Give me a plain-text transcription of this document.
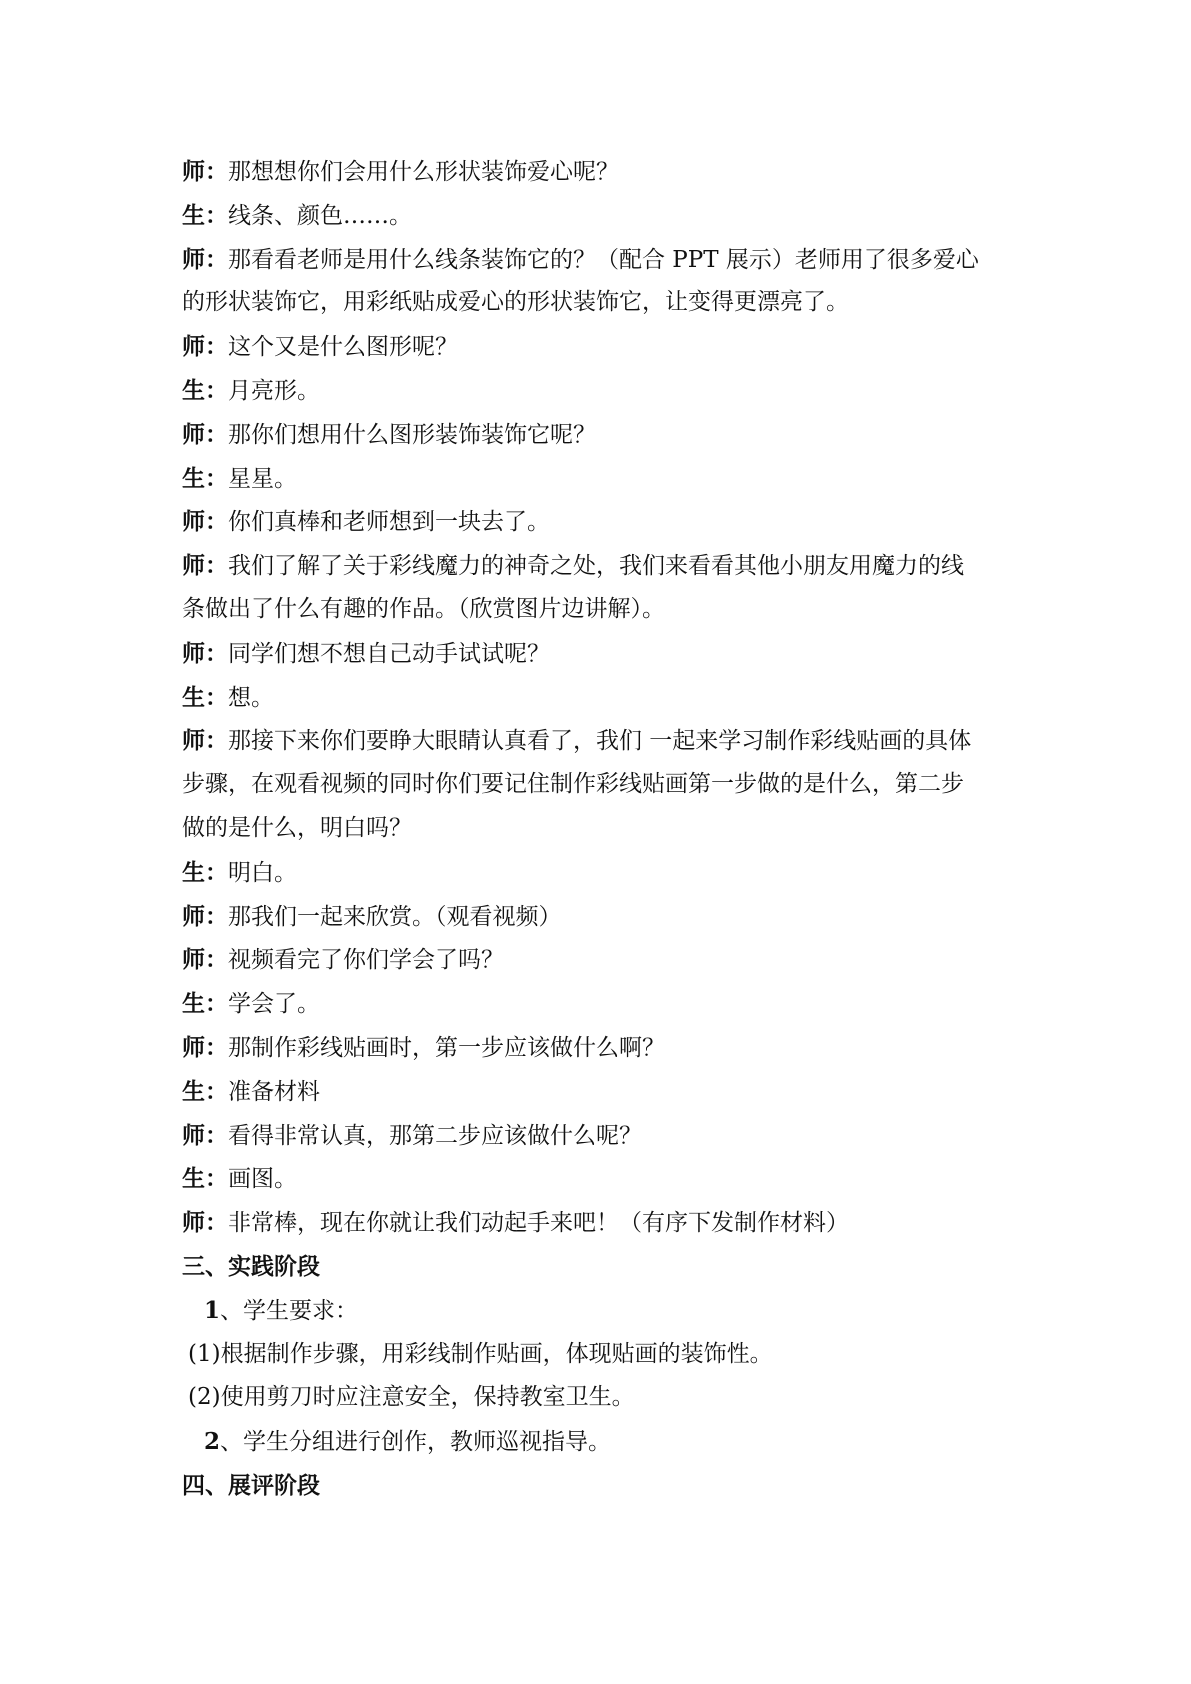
师：那想想你们会用什么形状装饰爱心呢？
生：线条、颜色……。
师：那看看老师是用什么线条装饰它的？（配合 PPT 展示）老师用了很多爱心
的形状装饰它，用彩纸贴成爱心的形状装饰它，让变得更漂亮了。
师：这个又是什么图形呢？
生：月亮形。
师：那你们想用什么图形装饰装饰它呢？
生：星星。
师：你们真棒和老师想到一块去了。
师：我们了解了关于彩线魔力的神奇之处，我们来看看其他小朋友用魔力的线
条做出了什么有趣的作品。（欣赏图片边讲解）。
师：同学们想不想自己动手试试呢？
生：想。
师：那接下来你们要睁大眼睛认真看了，我们 一起来学习制作彩线贴画的具体
步骤，在观看视频的同时你们要记住制作彩线贴画第一步做的是什么，第二步
做的是什么，明白吗？
生：明白。
师：那我们一起来欣赏。（观看视频）
师：视频看完了你们学会了吗？
生：学会了。
师：那制作彩线贴画时，第一步应该做什么啊？
生：准备材料
师：看得非常认真，那第二步应该做什么呢？
生：画图。
师：非常棒，现在你就让我们动起手来吧！（有序下发制作材料）
三、实践阶段
1、学生要求：
(1)根据制作步骤，用彩线制作贴画，体现贴画的装饰性。
(2)使用剪刀时应注意安全，保持教室卫生。
2、学生分组进行创作，教师巡视指导。
四、展评阶段
